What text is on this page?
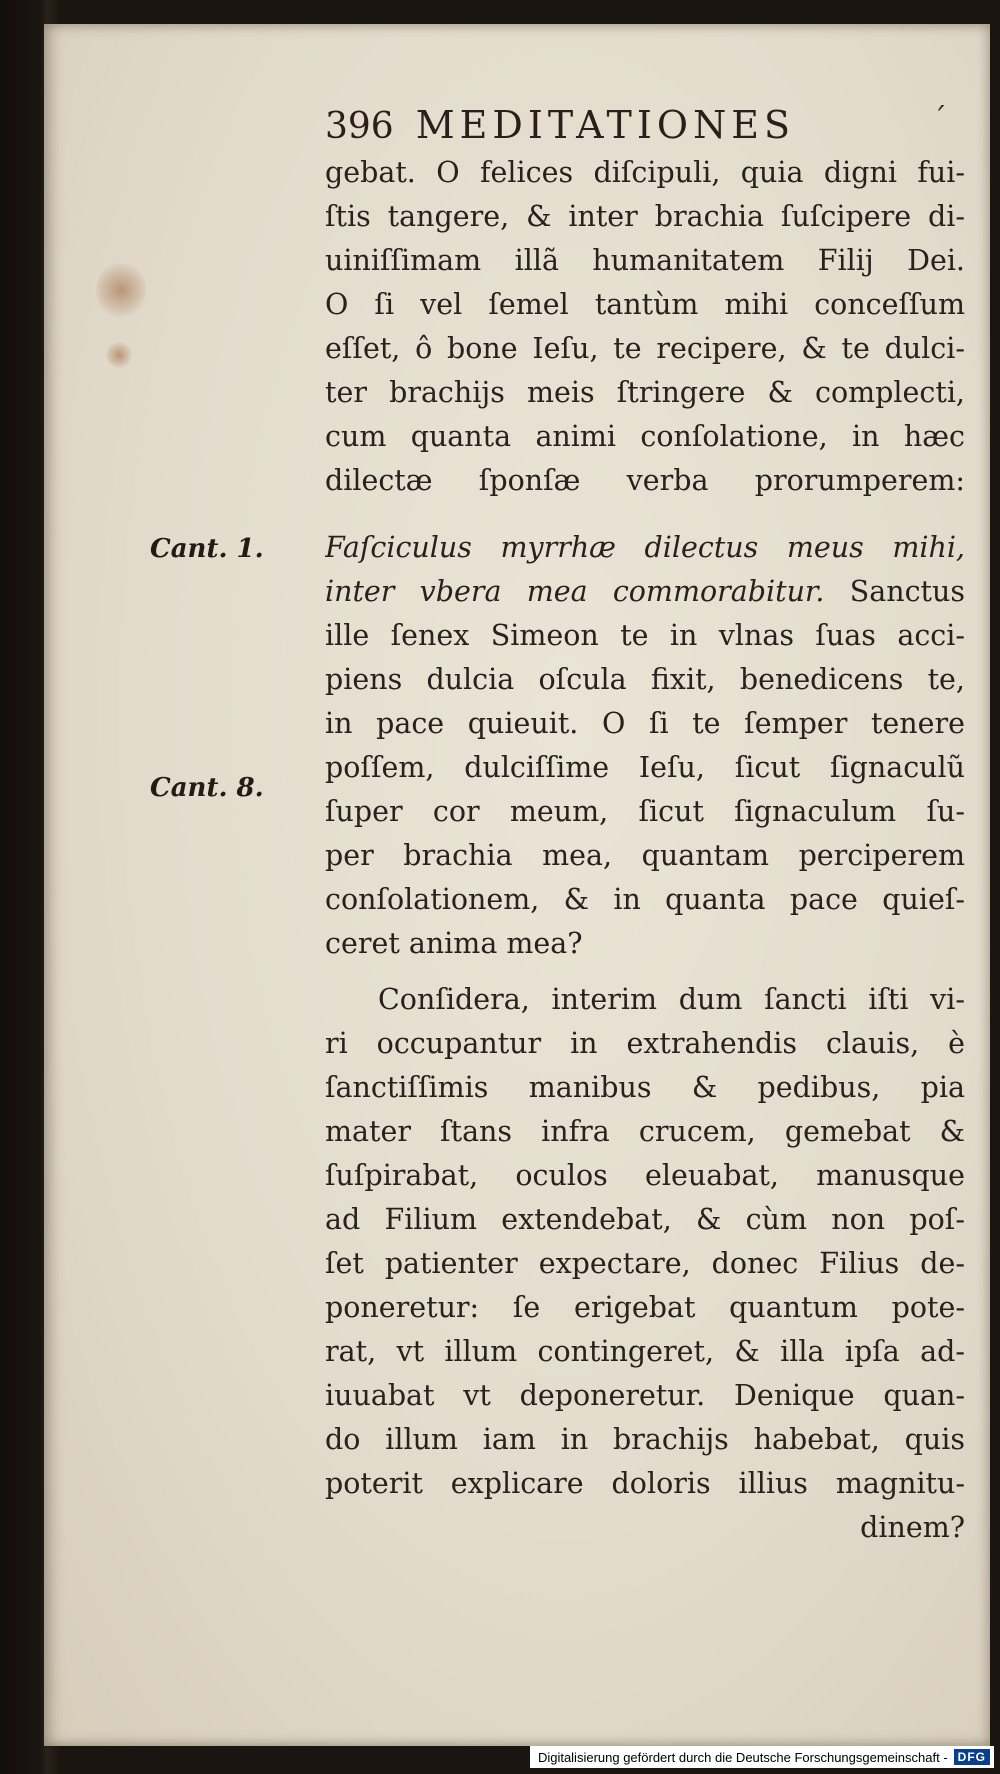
396 MEDITATIONES	ˊ
Cant. 1.
Cant. 8.
gebat. O felices diſcipuli, quia digni fui-
ſtis tangere, & inter brachia ſuſcipere di-
uiniſſimam illã humanitatem Filij Dei.
O ſi vel ſemel tantùm mihi conceſſum
eſſet, ô bone Ieſu, te recipere, & te dulci-
ter brachijs meis ſtringere & complecti,
cum quanta animi conſolatione, in hæc
dilectæ ſponſæ verba prorumperem:
Faſciculus myrrhæ dilectus meus mihi,
inter vbera mea commorabitur. Sanctus
ille ſenex Simeon te in vlnas ſuas acci-
piens dulcia oſcula fixit, benedicens te,
in pace quieuit. O ſi te ſemper tenere
poſſem, dulciſſime Ieſu, ſicut ſignaculũ
ſuper cor meum, ſicut ſignaculum ſu-
per brachia mea, quantam perciperem
conſolationem, & in quanta pace quieſ-
ceret anima mea?
Conſidera, interim dum ſancti iſti vi-
ri occupantur in extrahendis clauis, è
ſanctiſſimis manibus & pedibus, pia
mater ſtans infra crucem, gemebat &
ſuſpirabat, oculos eleuabat, manusque
ad Filium extendebat, & cùm non poſ-
ſet patienter expectare, donec Filius de-
poneretur: ſe erigebat quantum pote-
rat, vt illum contingeret, & illa ipſa ad-
iuuabat vt deponeretur. Denique quan-
do illum iam in brachijs habebat, quis
poterit explicare doloris illius magnitu-
dinem?
Digitalisierung gefördert durch die Deutsche Forschungsgemeinschaft - DFG
